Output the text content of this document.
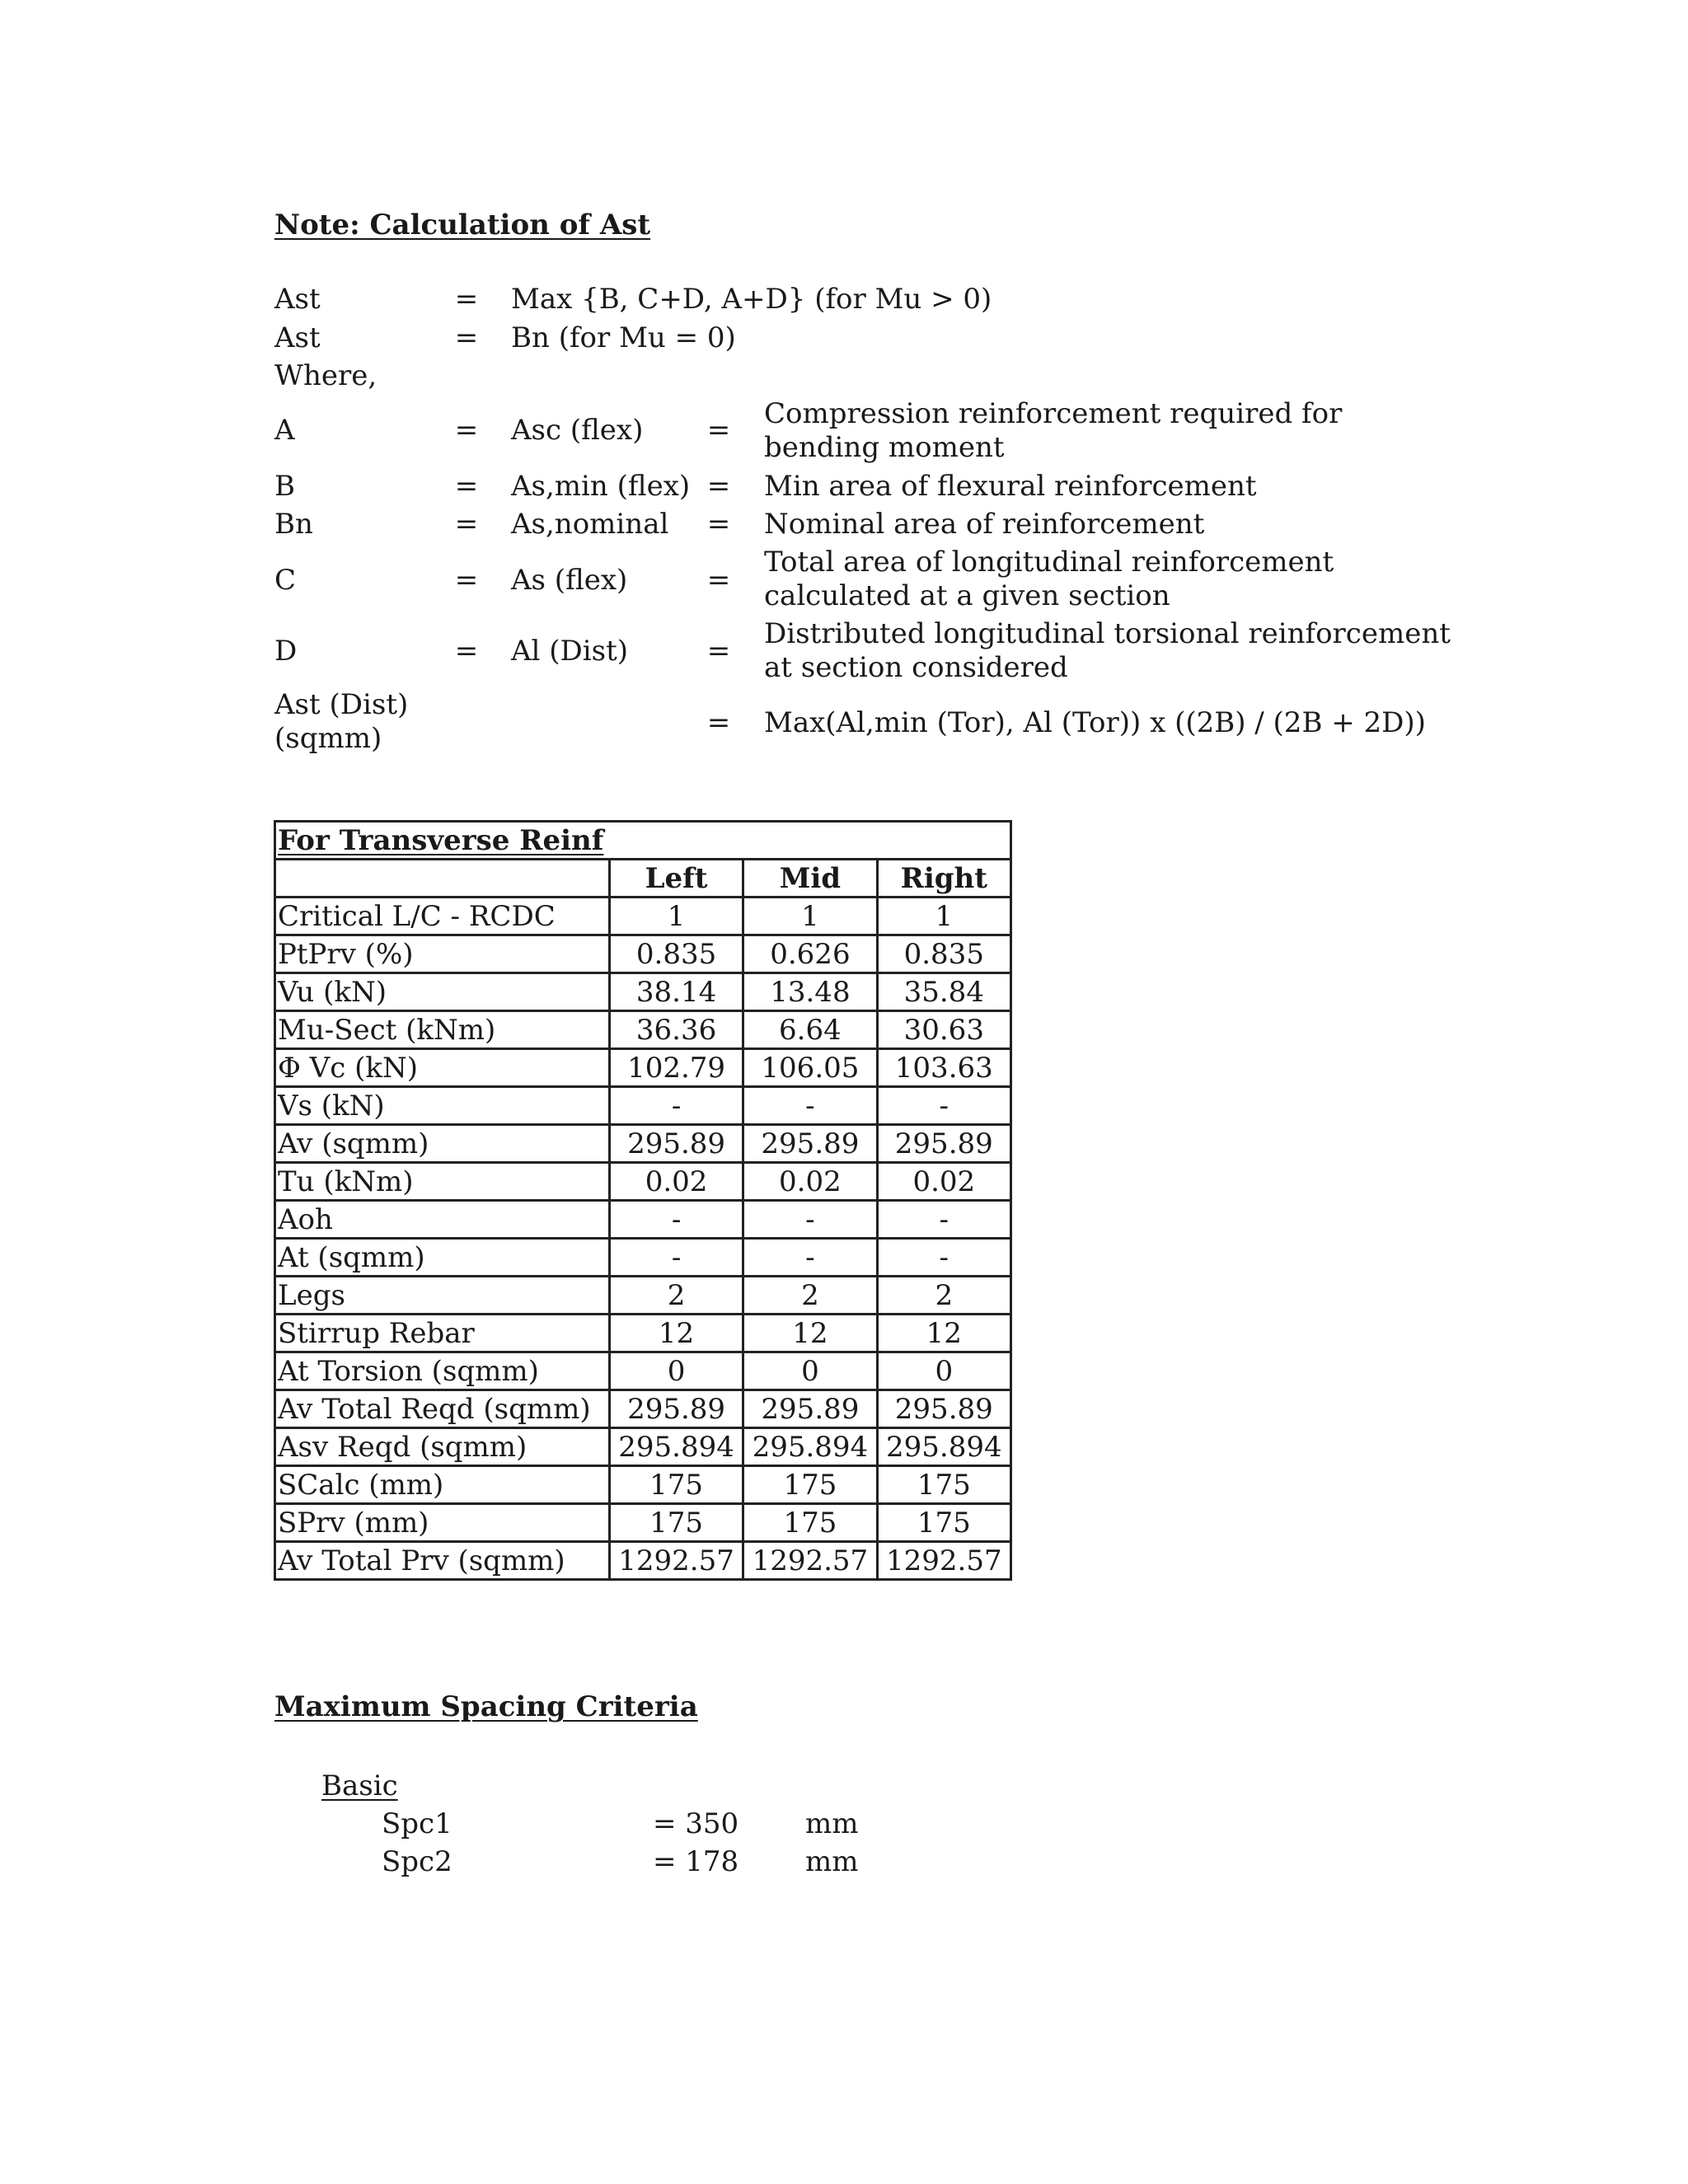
Note: Calculation of Ast
Ast	= Max {B, C+D, A+D} (for Mu > 0)
Ast	= Bn (for Mu = 0)
Where,
A	= Asc (flex) = Compression reinforcement required for
bending moment
B	= As,min (flex) = Min area of flexural reinforcement
Bn	= As,nominal = Nominal area of reinforcement
C	= As (flex)	=
Total area of longitudinal reinforcement
calculated at a given section
D	= Al (Dist)	=
Distributed longitudinal torsional reinforcement
at section considered
Ast (Dist)
(sqmm)	= Max(Al,min (Tor), Al (Tor)) x ((2B) / (2B + 2D))
For Transverse Reinf			
	Left	Mid	Right
Critical L/C - RCDC	1	1	1
PtPrv (%)	0.835	0.626	0.835
Vu (kN)	38.14	13.48	35.84
Mu-Sect (kNm)	36.36	6.64	30.63
Φ Vc (kN)	102.79	106.05	103.63
Vs (kN)	-	-	-
Av (sqmm)	295.89	295.89	295.89
Tu (kNm)	0.02	0.02	0.02
Aoh	-	-	-
At (sqmm)	-	-	-
Legs	2	2	2
Stirrup Rebar	12	12	12
At Torsion (sqmm)	0	0	0
Av Total Reqd (sqmm)	295.89	295.89	295.89
Asv Reqd (sqmm)	295.894	295.894	295.894
SCalc (mm)	175	175	175
SPrv (mm)	175	175	175
Av Total Prv (sqmm)	1292.57	1292.57	1292.57
Maximum Spacing Criteria
Basic
Spc1	= 350 mm
Spc2	= 178 mm
